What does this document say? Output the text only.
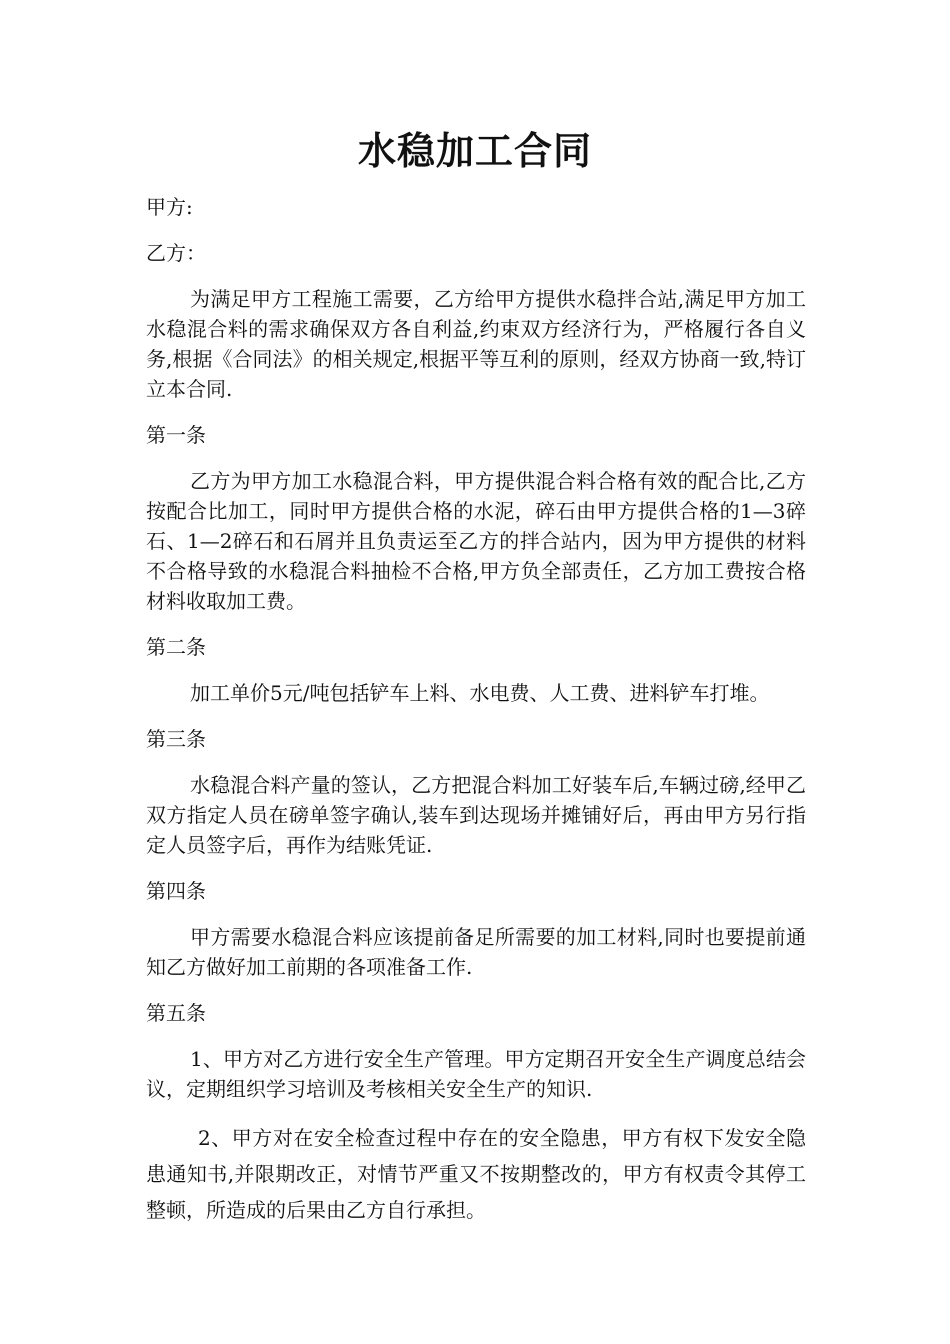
水稳加工合同

甲方:

乙方：

为满足甲方工程施工需要，乙方给甲方提供水稳拌合站,满足甲方加工水稳混合料的需求确保双方各自利益,约束双方经济行为，严格履行各自义务,根据《合同法》的相关规定,根据平等互利的原则，经双方协商一致,特订立本合同.

第一条

乙方为甲方加工水稳混合料，甲方提供混合料合格有效的配合比,乙方按配合比加工，同时甲方提供合格的水泥，碎石由甲方提供合格的1—3碎石、1—2碎石和石屑并且负责运至乙方的拌合站内，因为甲方提供的材料不合格导致的水稳混合料抽检不合格,甲方负全部责任，乙方加工费按合格材料收取加工费。

第二条

加工单价5元/吨包括铲车上料、水电费、人工费、进料铲车打堆。

第三条

水稳混合料产量的签认，乙方把混合料加工好装车后,车辆过磅,经甲乙双方指定人员在磅单签字确认,装车到达现场并摊铺好后，再由甲方另行指定人员签字后，再作为结账凭证.

第四条

甲方需要水稳混合料应该提前备足所需要的加工材料,同时也要提前通知乙方做好加工前期的各项准备工作.

第五条

1、甲方对乙方进行安全生产管理。甲方定期召开安全生产调度总结会议，定期组织学习培训及考核相关安全生产的知识.

2、甲方对在安全检查过程中存在的安全隐患，甲方有权下发安全隐患通知书,并限期改正，对情节严重又不按期整改的，甲方有权责令其停工整顿，所造成的后果由乙方自行承担。
